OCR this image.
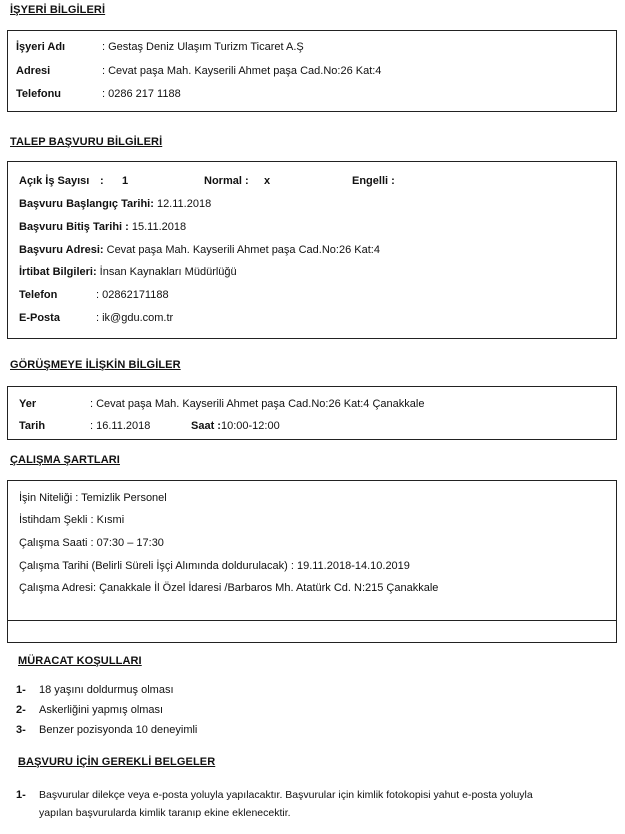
İŞYERİ BİLGİLERİ
İşyeri Adı	: Gestaş Deniz Ulaşım Turizm Ticaret A.Ş
Adresi	: Cevat paşa Mah. Kayserili Ahmet paşa Cad.No:26 Kat:4
Telefonu	: 0286 217 1188
TALEP BAŞVURU BİLGİLERİ
Açık İş Sayısı : 1	Normal : x	Engelli :
Başvuru Başlangıç Tarihi: 12.11.2018
Başvuru Bitiş Tarihi : 15.11.2018
Başvuru Adresi: Cevat paşa Mah. Kayserili Ahmet paşa Cad.No:26 Kat:4
İrtibat Bilgileri: İnsan Kaynakları Müdürlüğü
Telefon	: 02862171188
E-Posta	: ik@gdu.com.tr
GÖRÜŞMEYE İLİŞKİN BİLGİLER
Yer	: Cevat paşa Mah. Kayserili Ahmet paşa Cad.No:26 Kat:4 Çanakkale
Tarih	: 16.11.2018	Saat :10:00-12:00
ÇALIŞMA ŞARTLARI
İşin Niteliği : Temizlik Personel
İstihdam Şekli : Kısmi
Çalışma Saati : 07:30 – 17:30
Çalışma Tarihi (Belirli Süreli İşçi Alımında doldurulacak) : 19.11.2018-14.10.2019
Çalışma Adresi: Çanakkale İl Özel İdaresi /Barbaros Mh. Atatürk Cd. N:215 Çanakkale
MÜRACAT KOŞULLARI
1- 18 yaşını doldurmuş olması
2- Askerliğini yapmış olması
3- Benzer pozisyonda 10 deneyimli
BAŞVURU İÇİN GEREKLİ BELGELER
1- Başvurular dilekçe veya e-posta yoluyla yapılacaktır. Başvurular için kimlik fotokopisi yahut e-posta yoluyla
yapılan başvurularda kimlik taranıp ekine eklenecektir.
